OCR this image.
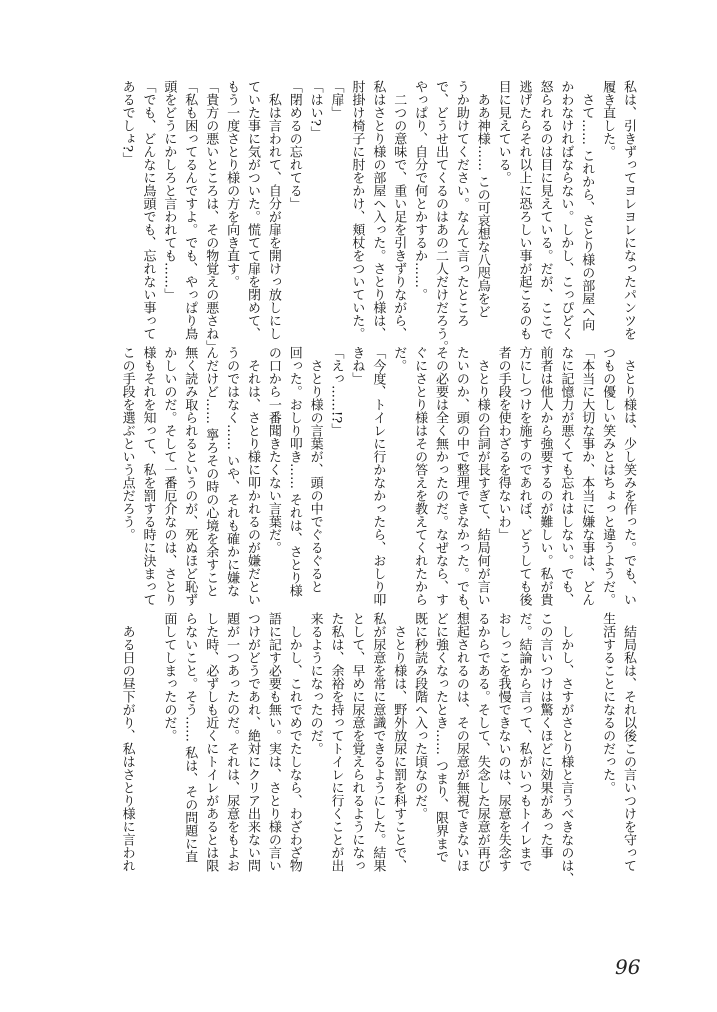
私は、引きずってヨレヨレになったパンツを
履き直した。
　さて…… これから、さとり様の部屋へ向
かわなければならない。しかし、こっぴどく
怒られるのは目に見えている。だが、ここで
逃げたらそれ以上に恐ろしい事が起こるのも
目に見えている。
　ああ神様…… この可哀想な八咫烏をど
うか助けてください。なんて言ったところ
で、どうせ出てくるのはあの二人だけだろう。
やっぱり、自分で何とかするか……。
　二つの意味で、重い足を引きずりながら、
私はさとり様の部屋へ入った。さとり様は、
肘掛け椅子に肘をかけ、頬杖をついていた。
「扉」
「はい?」
「閉めるの忘れてる」
　私は言われて、自分が扉を開けっ放しにし
ていた事に気がついた。慌てて扉を閉めて、
もう一度さとり様の方を向き直す。
「貴方の悪いところは、その物覚えの悪さね」
「私も困ってるんですよ。でも、やっぱり鳥
頭をどうにかしろと言われても……」
「でも、どんなに鳥頭でも、忘れない事って
あるでしょ?」
　さとり様は、少し笑みを作った。でも、い
つもの優しい笑みとはちょっと違うようだ。
「本当に大切な事か、本当に嫌な事は、どん
なに記憶力が悪くても忘れはしない。でも、
前者は他人から強要するのが難しい。私が貴
方にしつけを施すのであれば、どうしても後
者の手段を使わざるを得ないわ」
　さとり様の台詞が長すぎて、結局何が言い
たいのか、頭の中で整理できなかった。でも、
その必要は全く無かったのだ。なぜなら、す
ぐにさとり様はその答えを教えてくれたから
だ。
「今度、トイレに行かなかったら、おしり叩
きね」
「えっ……!?」
　さとり様の言葉が、頭の中でぐるぐると
回った。おしり叩き…… それは、さとり様
の口から一番聞きたくない言葉だ。
　それは、さとり様に叩かれるのが嫌だとい
うのではなく…… いや、それも確かに嫌な
んだけど…… 寧ろその時の心境を余すこと
無く読み取られるというのが、死ぬほど恥ず
かしいのだ。そして一番厄介なのは、さとり
様もそれを知って、私を罰する時に決まって
この手段を選ぶという点だろう。
　結局私は、それ以後この言いつけを守って
生活することになるのだった。

　しかし、さすがさとり様と言うべきなのは、
この言いつけは驚くほどに効果があった事
だ。結論から言って、私がいつもトイレまで
おしっこを我慢できないのは、尿意を失念す
るからである。そして、失念した尿意が再び
想起されるのは、その尿意が無視できないほ
どに強くなったとき…… つまり、限界まで
既に秒読み段階へ入った頃なのだ。
　さとり様は、野外放尿に罰を科すことで、
私が尿意を常に意識できるようにした。結果
として、早めに尿意を覚えられるようになっ
た私は、余裕を持ってトイレに行くことが出
来るようになったのだ。
　しかし、これでめでたしなら、わざわざ物
語に記す必要も無い。実は、さとり様の言い
つけがどうであれ、絶対にクリア出来ない問
題が一つあったのだ。それは、尿意をもよお
した時、必ずしも近くにトイレがあるとは限
らないこと。そう…… 私は、その問題に直
面してしまったのだ。

　ある日の昼下がり、私はさとり様に言われ
96
